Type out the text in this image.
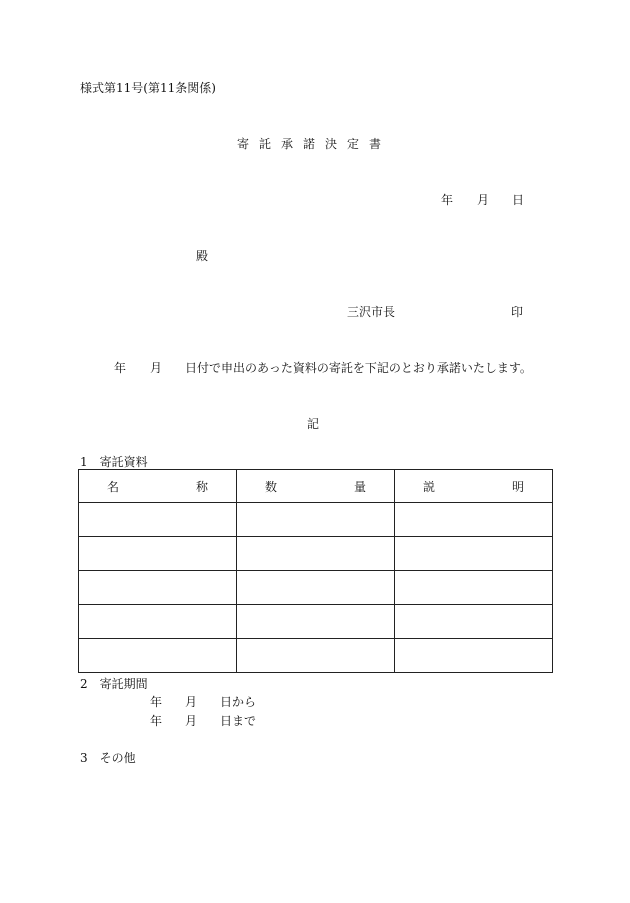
様式第11号(第11条関係)
寄託承諾決定書
年 月 日
殿
三沢市長	印
年 月 日付で申出のあった資料の寄託を下記のとおり承諾いたします。
記
1　寄託資料
名 称	数 量	説 明

2　寄託期間
年 月 日から
年 月 日まで
3　その他
